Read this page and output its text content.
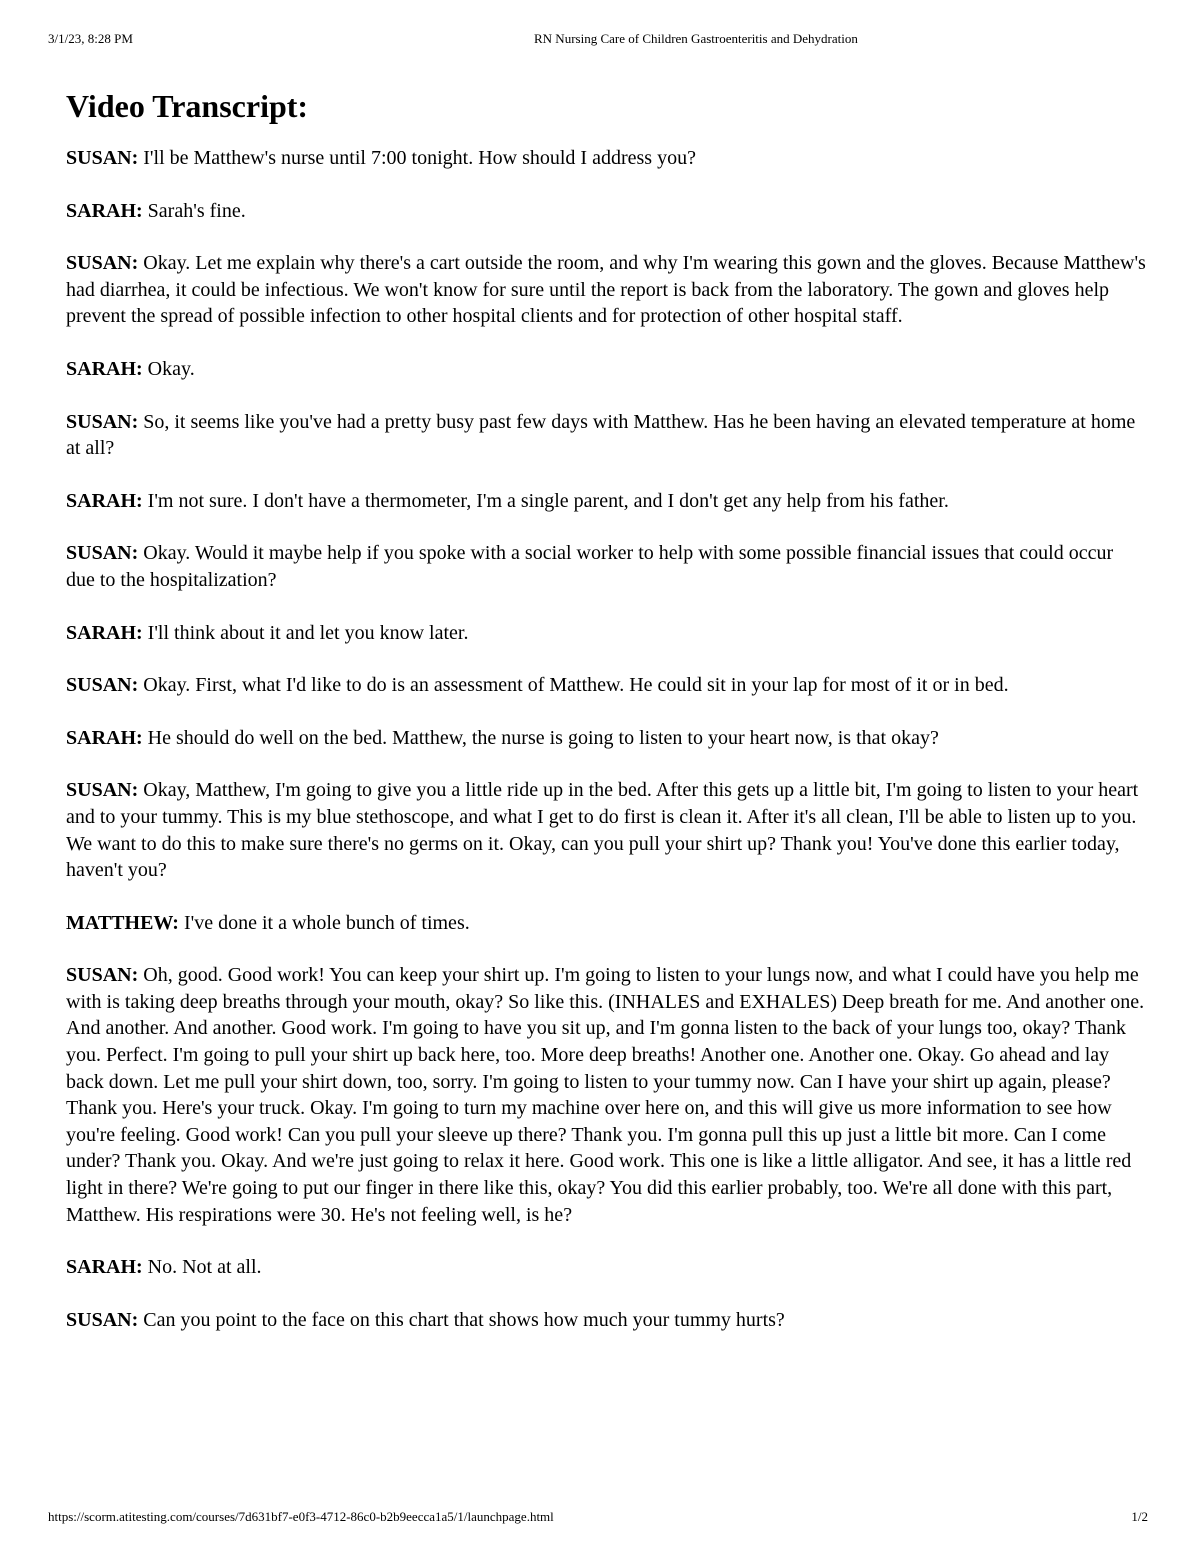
3/1/23, 8:28 PM	RN Nursing Care of Children Gastroenteritis and Dehydration
Video Transcript:

SUSAN: I'll be Matthew's nurse until 7:00 tonight. How should I address you?

SARAH: Sarah's fine.

SUSAN: Okay. Let me explain why there's a cart outside the room, and why I'm wearing this gown and the gloves. Because Matthew's had diarrhea, it could be infectious. We won't know for sure until the report is back from the laboratory. The gown and gloves help prevent the spread of possible infection to other hospital clients and for protection of other hospital staff.

SARAH: Okay.

SUSAN: So, it seems like you've had a pretty busy past few days with Matthew. Has he been having an elevated temperature at home at all?

SARAH: I'm not sure. I don't have a thermometer, I'm a single parent, and I don't get any help from his father.

SUSAN: Okay. Would it maybe help if you spoke with a social worker to help with some possible financial issues that could occur due to the hospitalization?

SARAH: I'll think about it and let you know later.

SUSAN: Okay. First, what I'd like to do is an assessment of Matthew. He could sit in your lap for most of it or in bed.

SARAH: He should do well on the bed. Matthew, the nurse is going to listen to your heart now, is that okay?

SUSAN: Okay, Matthew, I'm going to give you a little ride up in the bed. After this gets up a little bit, I'm going to listen to your heart and to your tummy. This is my blue stethoscope, and what I get to do first is clean it. After it's all clean, I'll be able to listen up to you. We want to do this to make sure there's no germs on it. Okay, can you pull your shirt up? Thank you! You've done this earlier today, haven't you?

MATTHEW: I've done it a whole bunch of times.

SUSAN: Oh, good. Good work! You can keep your shirt up. I'm going to listen to your lungs now, and what I could have you help me with is taking deep breaths through your mouth, okay? So like this. (INHALES and EXHALES) Deep breath for me. And another one. And another. And another. Good work. I'm going to have you sit up, and I'm gonna listen to the back of your lungs too, okay? Thank you. Perfect. I'm going to pull your shirt up back here, too. More deep breaths! Another one. Another one. Okay. Go ahead and lay back down. Let me pull your shirt down, too, sorry. I'm going to listen to your tummy now. Can I have your shirt up again, please? Thank you. Here's your truck. Okay. I'm going to turn my machine over here on, and this will give us more information to see how you're feeling. Good work! Can you pull your sleeve up there? Thank you. I'm gonna pull this up just a little bit more. Can I come under? Thank you. Okay. And we're just going to relax it here. Good work. This one is like a little alligator. And see, it has a little red light in there? We're going to put our finger in there like this, okay? You did this earlier probably, too. We're all done with this part, Matthew. His respirations were 30. He's not feeling well, is he?

SARAH: No. Not at all.

SUSAN: Can you point to the face on this chart that shows how much your tummy hurts?

https://scorm.atitesting.com/courses/7d631bf7-e0f3-4712-86c0-b2b9eecca1a5/1/launchpage.html	1/2
